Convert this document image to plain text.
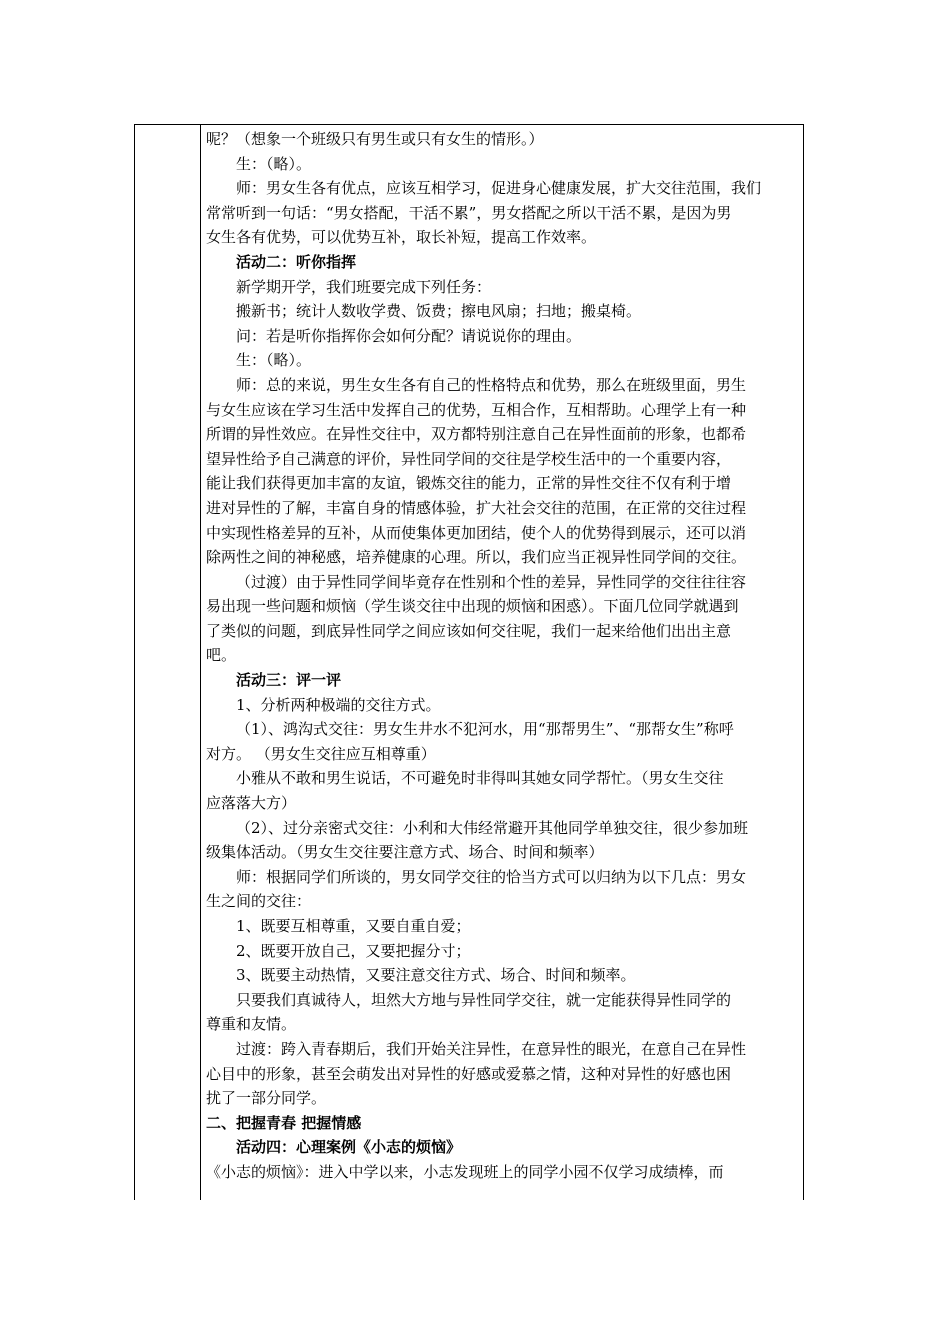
呢？（想象一个班级只有男生或只有女生的情形。）
生：（略）。
师：男女生各有优点，应该互相学习，促进身心健康发展，扩大交往范围，我们
常常听到一句话：“男女搭配，干活不累”，男女搭配之所以干活不累，是因为男
女生各有优势，可以优势互补，取长补短，提高工作效率。
活动二：听你指挥
新学期开学，我们班要完成下列任务：
搬新书；统计人数收学费、饭费；擦电风扇；扫地；搬桌椅。
问：若是听你指挥你会如何分配？请说说你的理由。
生：（略）。
师：总的来说，男生女生各有自己的性格特点和优势，那么在班级里面，男生
与女生应该在学习生活中发挥自己的优势，互相合作，互相帮助。心理学上有一种
所谓的异性效应。在异性交往中，双方都特别注意自己在异性面前的形象，也都希
望异性给予自己满意的评价，异性同学间的交往是学校生活中的一个重要内容，
能让我们获得更加丰富的友谊，锻炼交往的能力，正常的异性交往不仅有利于增
进对异性的了解，丰富自身的情感体验，扩大社会交往的范围，在正常的交往过程
中实现性格差异的互补，从而使集体更加团结，使个人的优势得到展示，还可以消
除两性之间的神秘感，培养健康的心理。所以，我们应当正视异性同学间的交往。
（过渡）由于异性同学间毕竟存在性别和个性的差异，异性同学的交往往往容
易出现一些问题和烦恼（学生谈交往中出现的烦恼和困惑）。下面几位同学就遇到
了类似的问题，到底异性同学之间应该如何交往呢，我们一起来给他们出出主意
吧。
活动三：评一评
1、分析两种极端的交往方式。
（1）、鸿沟式交往：男女生井水不犯河水，用“那帮男生”、“那帮女生”称呼
对方。 （男女生交往应互相尊重）
小雅从不敢和男生说话，不可避免时非得叫其她女同学帮忙。（男女生交往
应落落大方）
（2）、过分亲密式交往：小利和大伟经常避开其他同学单独交往，很少参加班
级集体活动。（男女生交往要注意方式、场合、时间和频率）
师：根据同学们所谈的，男女同学交往的恰当方式可以归纳为以下几点：男女
生之间的交往：
1、既要互相尊重，又要自重自爱；
2、既要开放自己，又要把握分寸；
3、既要主动热情，又要注意交往方式、场合、时间和频率。
只要我们真诚待人，坦然大方地与异性同学交往，就一定能获得异性同学的
尊重和友情。
过渡：跨入青春期后，我们开始关注异性，在意异性的眼光，在意自己在异性
心目中的形象，甚至会萌发出对异性的好感或爱慕之情，这种对异性的好感也困
扰了一部分同学。
二、把握青春 把握情感
活动四：心理案例《小志的烦恼》
《小志的烦恼》：进入中学以来，小志发现班上的同学小园不仅学习成绩棒，而
